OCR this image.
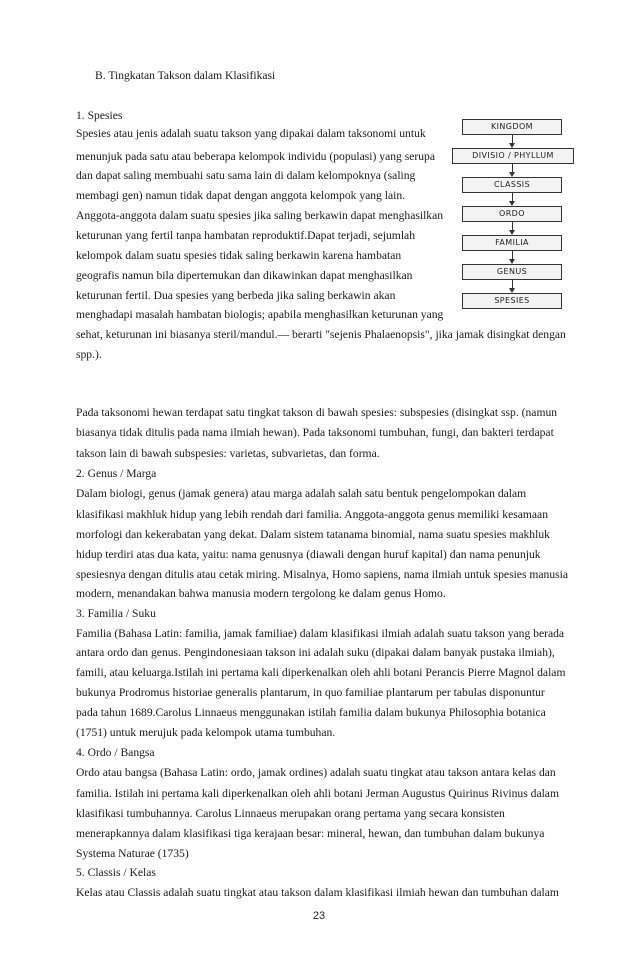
B. Tingkatan Takson dalam Klasifikasi
1. Spesies
Spesies atau jenis adalah suatu takson yang dipakai dalam taksonomi untuk
menunjuk pada satu atau beberapa kelompok individu (populasi) yang serupa
dan dapat saling membuahi satu sama lain di dalam kelompoknya (saling
membagi gen) namun tidak dapat dengan anggota kelompok yang lain.
Anggota-anggota dalam suatu spesies jika saling berkawin dapat menghasilkan
keturunan yang fertil tanpa hambatan reproduktif.Dapat terjadi, sejumlah
kelompok dalam suatu spesies tidak saling berkawin karena hambatan
geografis namun bila dipertemukan dan dikawinkan dapat menghasilkan
keturunan fertil. Dua spesies yang berbeda jika saling berkawin akan
menghadapi masalah hambatan biologis; apabila menghasilkan keturunan yang
sehat, keturunan ini biasanya steril/mandul.— berarti "sejenis Phalaenopsis", jika jamak disingkat dengan
spp.).
Pada taksonomi hewan terdapat satu tingkat takson di bawah spesies: subspesies (disingkat ssp. (namun
biasanya tidak ditulis pada nama ilmiah hewan). Pada taksonomi tumbuhan, fungi, dan bakteri terdapat
takson lain di bawah subspesies: varietas, subvarietas, dan forma.
2. Genus / Marga
Dalam biologi, genus (jamak genera) atau marga adalah salah satu bentuk pengelompokan dalam
klasifikasi makhluk hidup yang lebih rendah dari familia. Anggota-anggota genus memiliki kesamaan
morfologi dan kekerabatan yang dekat. Dalam sistem tatanama binomial, nama suatu spesies makhluk
hidup terdiri atas dua kata, yaitu: nama genusnya (diawali dengan huruf kapital) dan nama penunjuk
spesiesnya dengan ditulis atau cetak miring. Misalnya, Homo sapiens, nama ilmiah untuk spesies manusia
modern, menandakan bahwa manusia modern tergolong ke dalam genus Homo.
3. Familia / Suku
Familia (Bahasa Latin: familia, jamak familiae) dalam klasifikasi ilmiah adalah suatu takson yang berada
antara ordo dan genus. Pengindonesiaan takson ini adalah suku (dipakai dalam banyak pustaka ilmiah),
famili, atau keluarga.Istilah ini pertama kali diperkenalkan oleh ahli botani Perancis Pierre Magnol dalam
bukunya Prodromus historiae generalis plantarum, in quo familiae plantarum per tabulas disponuntur
pada tahun 1689.Carolus Linnaeus menggunakan istilah familia dalam bukunya Philosophia botanica
(1751) untuk merujuk pada kelompok utama tumbuhan.
4. Ordo / Bangsa
Ordo atau bangsa (Bahasa Latin: ordo, jamak ordines) adalah suatu tingkat atau takson antara kelas dan
familia. Istilah ini pertama kali diperkenalkan oleh ahli botani Jerman Augustus Quirinus Rivinus dalam
klasifikasi tumbuhannya. Carolus Linnaeus merupakan orang pertama yang secara konsisten
menerapkannya dalam klasifikasi tiga kerajaan besar: mineral, hewan, dan tumbuhan dalam bukunya
Systema Naturae (1735)
5. Classis / Kelas
Kelas atau Classis adalah suatu tingkat atau takson dalam klasifikasi ilmiah hewan dan tumbuhan dalam
KINGDOM
DIVISIO / PHYLLUM
CLASSIS
ORDO
FAMILIA
GENUS
SPESIES
23
